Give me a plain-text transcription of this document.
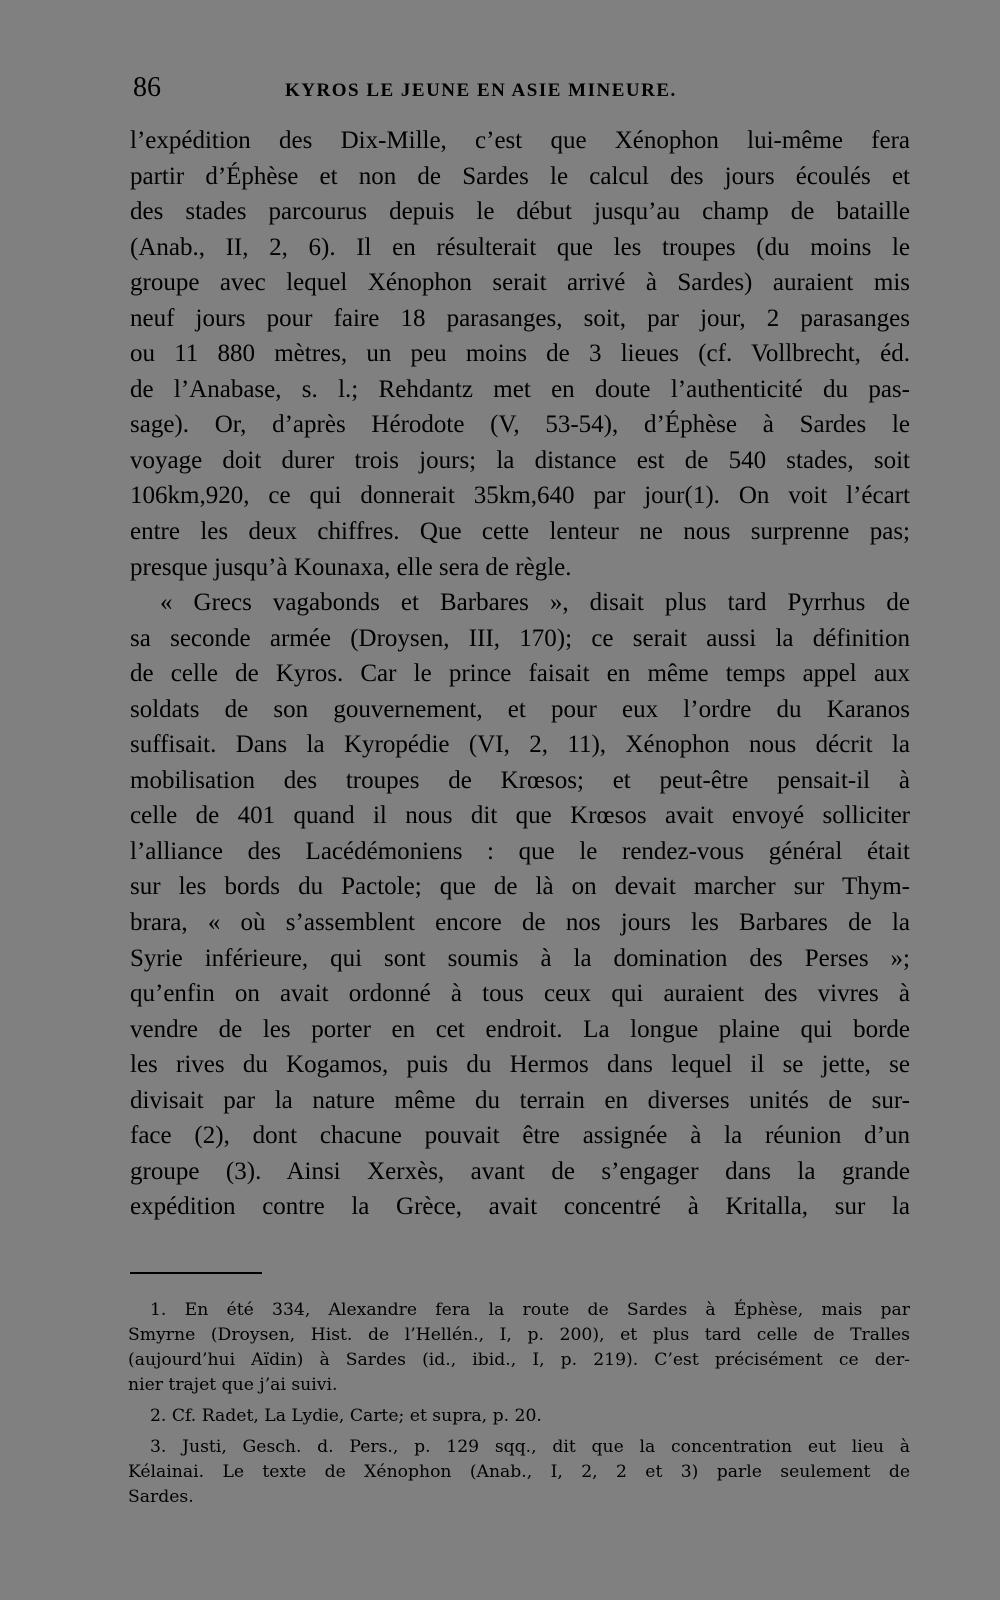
86	KYROS LE JEUNE EN ASIE MINEURE.
l’expédition des Dix-Mille, c’est que Xénophon lui-même fera
partir d’Éphèse et non de Sardes le calcul des jours écoulés et
des stades parcourus depuis le début jusqu’au champ de bataille
(Anab., II, 2, 6). Il en résulterait que les troupes (du moins le
groupe avec lequel Xénophon serait arrivé à Sardes) auraient mis
neuf jours pour faire 18 parasanges, soit, par jour, 2 parasanges
ou 11 880 mètres, un peu moins de 3 lieues (cf. Vollbrecht, éd.
de l’Anabase, s. l.; Rehdantz met en doute l’authenticité du pas-
sage). Or, d’après Hérodote (V, 53-54), d’Éphèse à Sardes le
voyage doit durer trois jours; la distance est de 540 stades, soit
106km,920, ce qui donnerait 35km,640 par jour(1). On voit l’écart
entre les deux chiffres. Que cette lenteur ne nous surprenne pas;
presque jusqu’à Kounaxa, elle sera de règle.
« Grecs vagabonds et Barbares », disait plus tard Pyrrhus de
sa seconde armée (Droysen, III, 170); ce serait aussi la définition
de celle de Kyros. Car le prince faisait en même temps appel aux
soldats de son gouvernement, et pour eux l’ordre du Karanos
suffisait. Dans la Kyropédie (VI, 2, 11), Xénophon nous décrit la
mobilisation des troupes de Krœsos; et peut-être pensait-il à
celle de 401 quand il nous dit que Krœsos avait envoyé solliciter
l’alliance des Lacédémoniens : que le rendez-vous général était
sur les bords du Pactole; que de là on devait marcher sur Thym-
brara, « où s’assemblent encore de nos jours les Barbares de la
Syrie inférieure, qui sont soumis à la domination des Perses »;
qu’enfin on avait ordonné à tous ceux qui auraient des vivres à
vendre de les porter en cet endroit. La longue plaine qui borde
les rives du Kogamos, puis du Hermos dans lequel il se jette, se
divisait par la nature même du terrain en diverses unités de sur-
face (2), dont chacune pouvait être assignée à la réunion d’un
groupe (3). Ainsi Xerxès, avant de s’engager dans la grande
expédition contre la Grèce, avait concentré à Kritalla, sur la
1. En été 334, Alexandre fera la route de Sardes à Éphèse, mais par
Smyrne (Droysen, Hist. de l’Hellén., I, p. 200), et plus tard celle de Tralles
(aujourd’hui Aïdin) à Sardes (id., ibid., I, p. 219). C’est précisément ce der-
nier trajet que j’ai suivi.
2. Cf. Radet, La Lydie, Carte; et supra, p. 20.
3. Justi, Gesch. d. Pers., p. 129 sqq., dit que la concentration eut lieu à
Kélainai. Le texte de Xénophon (Anab., I, 2, 2 et 3) parle seulement de
Sardes.
